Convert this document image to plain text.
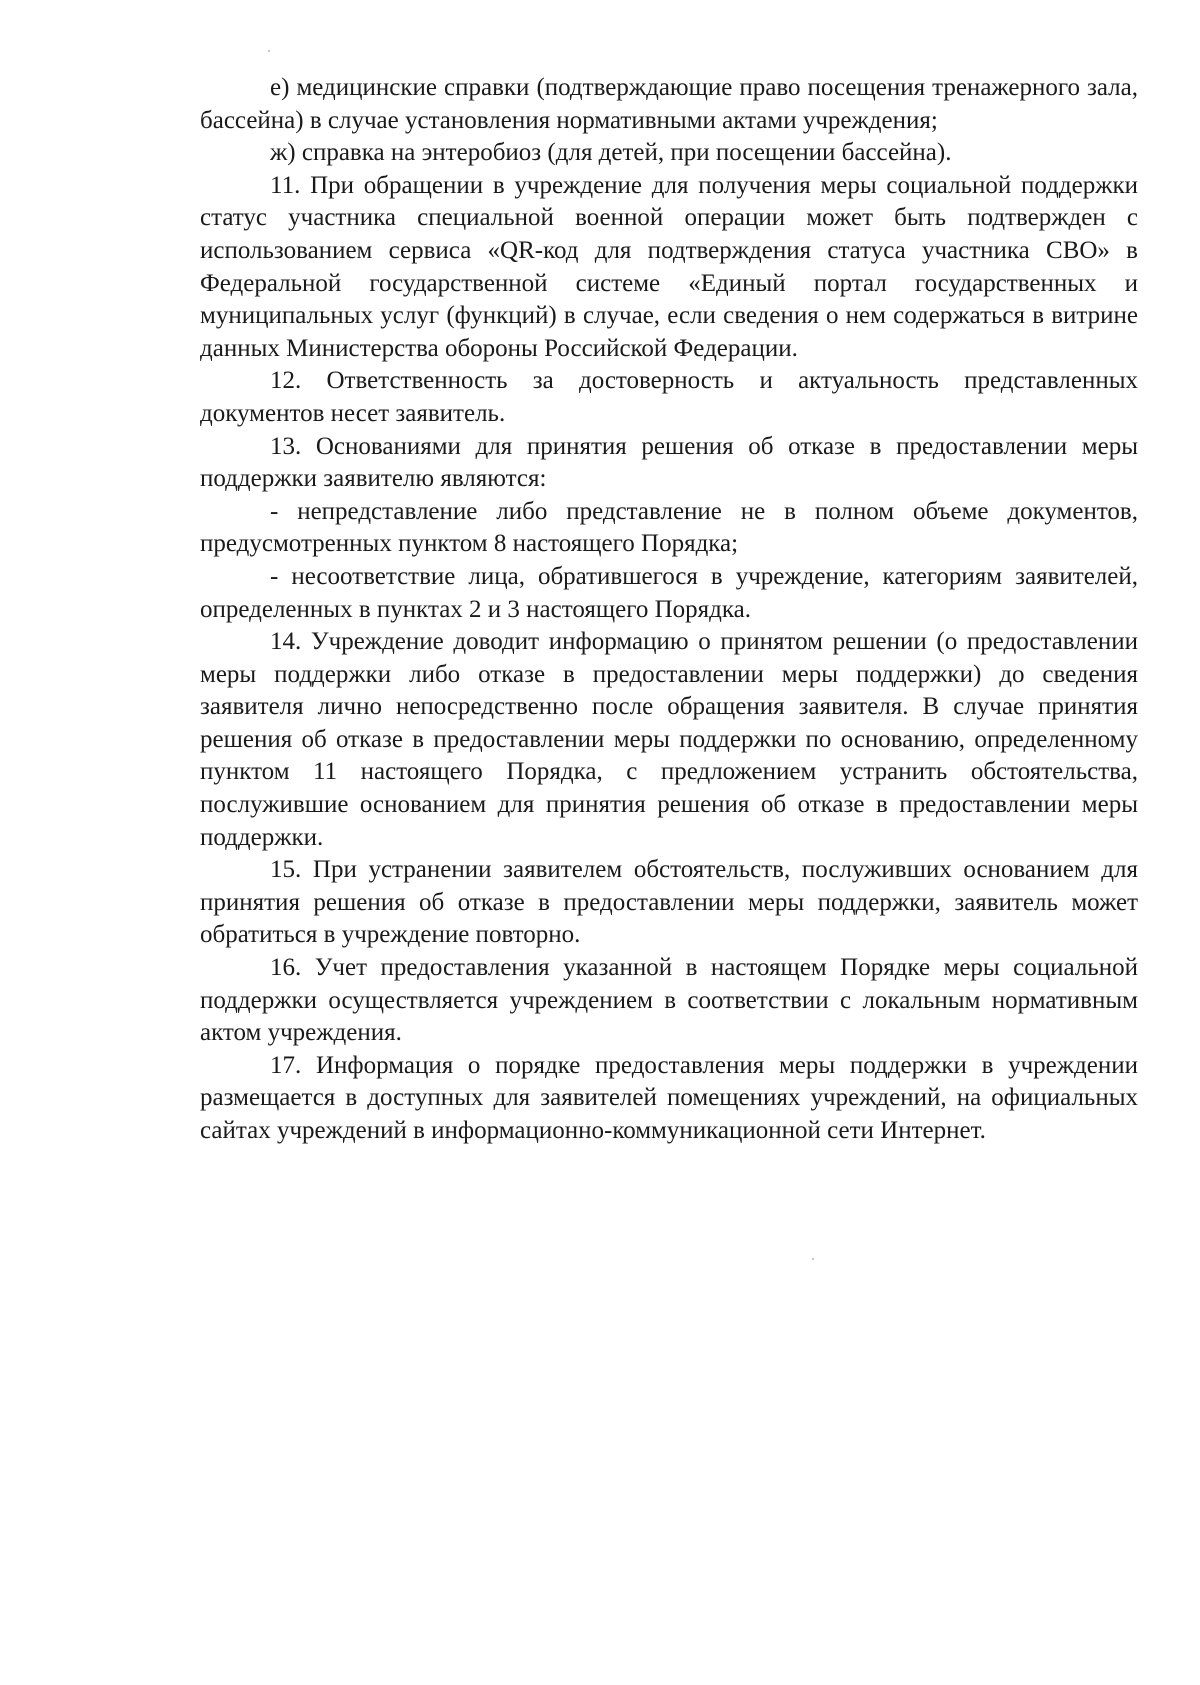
е) медицинские справки (подтверждающие право посещения тренажерного зала, бассейна) в случае установления нормативными актами учреждения;

ж) справка на энтеробиоз (для детей, при посещении бассейна).

11. При обращении в учреждение для получения меры социальной поддержки статус участника специальной военной операции может быть подтвержден с использованием сервиса «QR-код для подтверждения статуса участника СВО» в Федеральной государственной системе «Единый портал государственных и муниципальных услуг (функций) в случае, если сведения о нем содержаться в витрине данных Министерства обороны Российской Федерации.

12. Ответственность за достоверность и актуальность представленных документов несет заявитель.

13. Основаниями для принятия решения об отказе в предоставлении меры поддержки заявителю являются:

- непредставление либо представление не в полном объеме документов, предусмотренных пунктом 8 настоящего Порядка;

- несоответствие лица, обратившегося в учреждение, категориям заявителей, определенных в пунктах 2 и 3 настоящего Порядка.

14. Учреждение доводит информацию о принятом решении (о предоставлении меры поддержки либо отказе в предоставлении меры поддержки) до сведения заявителя лично непосредственно после обращения заявителя. В случае принятия решения об отказе в предоставлении меры поддержки по основанию, определенному пунктом 11 настоящего Порядка, с предложением устранить обстоятельства, послужившие основанием для принятия решения об отказе в предоставлении меры поддержки.

15. При устранении заявителем обстоятельств, послуживших основанием для принятия решения об отказе в предоставлении меры поддержки, заявитель может обратиться в учреждение повторно.

16. Учет предоставления указанной в настоящем Порядке меры социальной поддержки осуществляется учреждением в соответствии с локальным нормативным актом учреждения.

17. Информация о порядке предоставления меры поддержки в учреждении размещается в доступных для заявителей помещениях учреждений, на официальных сайтах учреждений в информационно-коммуникационной сети Интернет.
